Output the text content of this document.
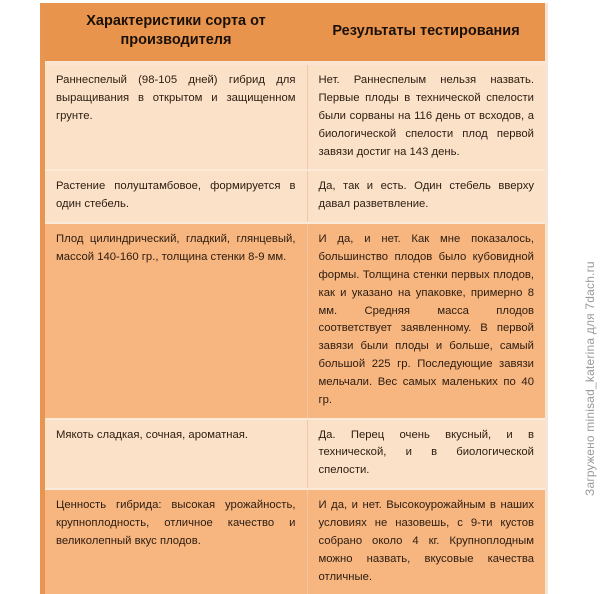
Характеристики сорта от производителя	Результаты тестирования

Раннеспелый (98-105 дней) гибрид для выращивания в открытом и защищенном грунте.	Нет. Раннеспелым нельзя назвать. Первые плоды в технической спелости были сорваны на 116 день от всходов, а биологической спелости плод первой завязи достиг на 143 день.

Растение полуштамбовое, формируется в один стебель.	Да, так и есть. Один стебель вверху давал разветвление.

Плод цилиндрический, гладкий, глянцевый, массой 140-160 гр., толщина стенки 8-9 мм.	И да, и нет. Как мне показалось, большинство плодов было кубовидной формы. Толщина стенки первых плодов, как и указано на упаковке, примерно 8 мм. Средняя масса плодов соответствует заявленному. В первой завязи были плоды и больше, самый большой 225 гр. Последующие завязи мельчали. Вес самых маленьких по 40 гр.

Мякоть сладкая, сочная, ароматная.	Да. Перец очень вкусный, и в технической, и в биологической спелости.

Ценность гибрида: высокая урожайность, крупноплодность, отличное качество и великолепный вкус плодов.	И да, и нет. Высокоурожайным в наших условиях не назовешь, с 9-ти кустов собрано около 4 кг. Крупноплодным можно назвать, вкусовые качества отличные.

Загружено minisad_katerina для 7dach.ru
